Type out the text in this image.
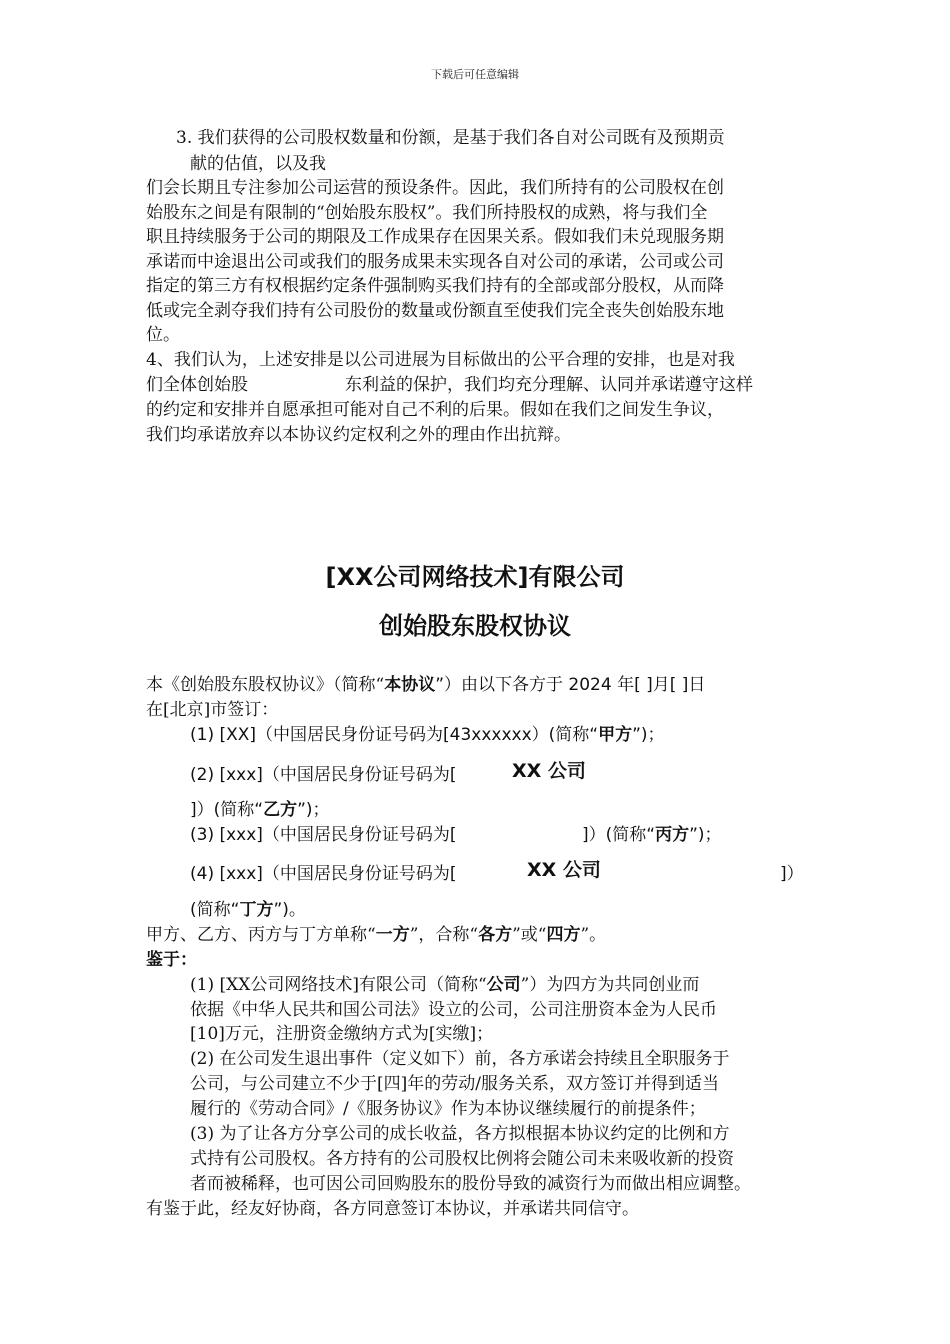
下载后可任意编辑
3. 我们获得的公司股权数量和份额，是基于我们各自对公司既有及预期贡
献的估值，以及我
们会长期且专注参加公司运营的预设条件。因此，我们所持有的公司股权在创
始股东之间是有限制的“创始股东股权”。我们所持股权的成熟，将与我们全
职且持续服务于公司的期限及工作成果存在因果关系。假如我们未兑现服务期
承诺而中途退出公司或我们的服务成果未实现各自对公司的承诺，公司或公司
指定的第三方有权根据约定条件强制购买我们持有的全部或部分股权，从而降
低或完全剥夺我们持有公司股份的数量或份额直至使我们完全丧失创始股东地
位。
4、我们认为，上述安排是以公司进展为目标做出的公平合理的安排，也是对我
们全体创始股	东利益的保护，我们均充分理解、认同并承诺遵守这样
的约定和安排并自愿承担可能对自己不利的后果。假如在我们之间发生争议，
我们均承诺放弃以本协议约定权利之外的理由作出抗辩。
[XX公司网络技术]有限公司
创始股东股权协议
本《创始股东股权协议》（简称“本协议”）由以下各方于 2024 年[ ]月[ ]日
在[北京]市签订：
(1) [XX]（中国居民身份证号码为[43xxxxxx）(简称“甲方”)；
(2) [xxx]（中国居民身份证号码为[	XX 公司
]）(简称“乙方”)；
(3) [xxx]（中国居民身份证号码为[	]）(简称“丙方”)；
(4) [xxx]（中国居民身份证号码为[	XX 公司	]）
(简称“丁方”)。
甲方、乙方、丙方与丁方单称“一方”，合称“各方”或“四方”。
鉴于：
(1) [XX公司网络技术]有限公司（简称“公司”）为四方为共同创业而
依据《中华人民共和国公司法》设立的公司，公司注册资本金为人民币
[10]万元，注册资金缴纳方式为[实缴]；
(2) 在公司发生退出事件（定义如下）前，各方承诺会持续且全职服务于
公司，与公司建立不少于[四]年的劳动/服务关系，双方签订并得到适当
履行的《劳动合同》/《服务协议》作为本协议继续履行的前提条件；
(3) 为了让各方分享公司的成长收益，各方拟根据本协议约定的比例和方
式持有公司股权。各方持有的公司股权比例将会随公司未来吸收新的投资
者而被稀释，也可因公司回购股东的股份导致的减资行为而做出相应调整。
有鉴于此，经友好协商，各方同意签订本协议，并承诺共同信守。
